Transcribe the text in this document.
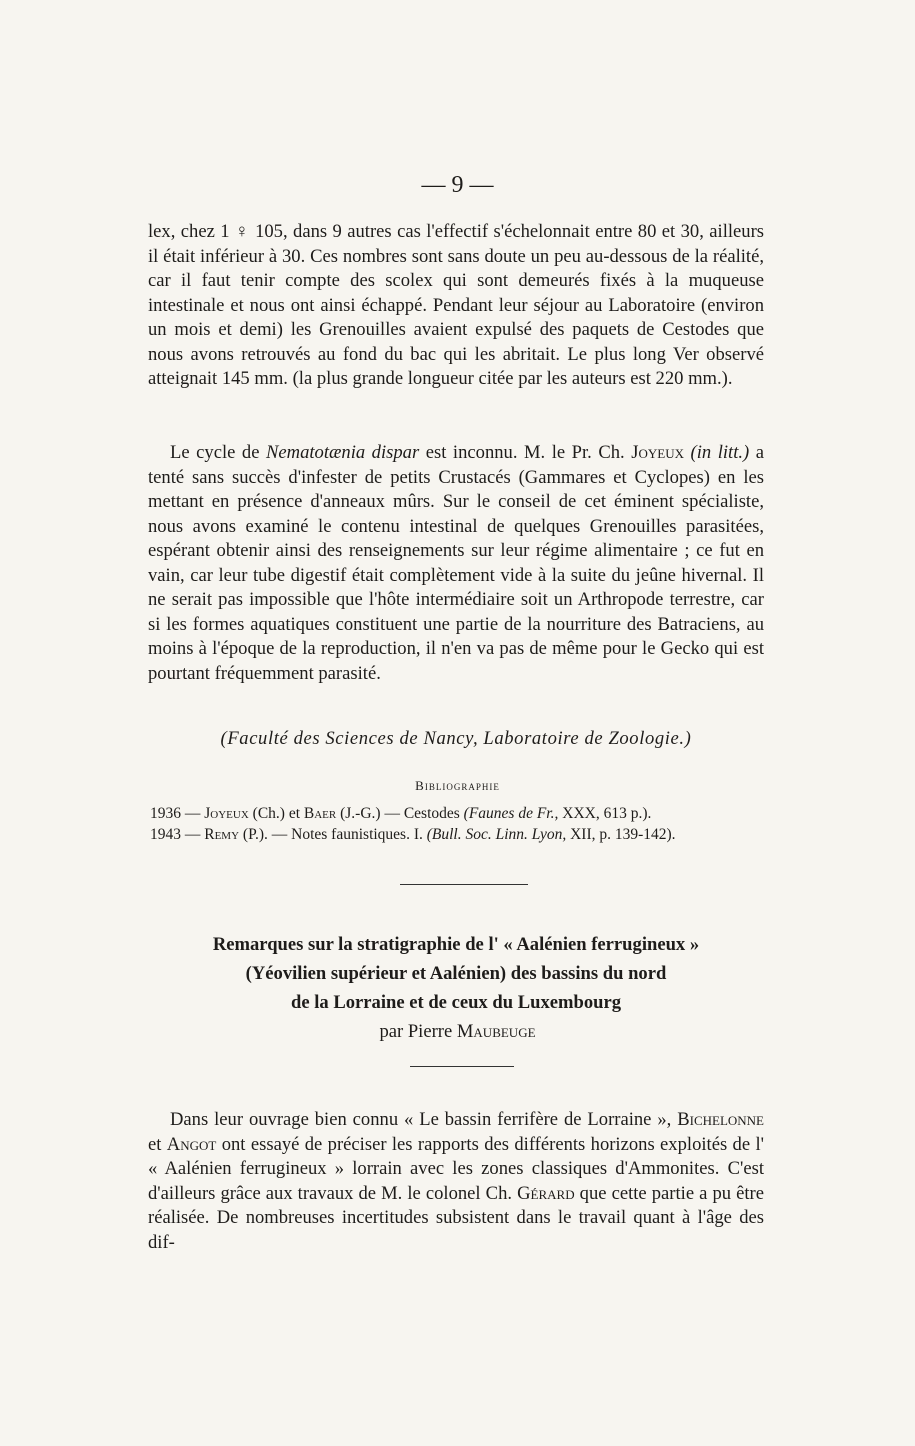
— 9 —

lex, chez 1 ♀ 105, dans 9 autres cas l'effectif s'échelonnait entre 80 et 30, ailleurs il était inférieur à 30. Ces nombres sont sans doute un peu au-dessous de la réalité, car il faut tenir compte des scolex qui sont demeurés fixés à la muqueuse intestinale et nous ont ainsi échappé. Pendant leur séjour au Laboratoire (environ un mois et demi) les Grenouilles avaient expulsé des paquets de Cestodes que nous avons retrouvés au fond du bac qui les abritait. Le plus long Ver observé atteignait 145 mm. (la plus grande longueur citée par les auteurs est 220 mm.).

Le cycle de Nematotænia dispar est inconnu. M. le Pr. Ch. Joyeux (in litt.) a tenté sans succès d'infester de petits Crustacés (Gammares et Cyclopes) en les mettant en présence d'anneaux mûrs. Sur le conseil de cet éminent spécialiste, nous avons examiné le contenu intestinal de quelques Grenouilles parasitées, espérant obtenir ainsi des renseignements sur leur régime alimentaire ; ce fut en vain, car leur tube digestif était complètement vide à la suite du jeûne hivernal. Il ne serait pas impossible que l'hôte intermédiaire soit un Arthropode terrestre, car si les formes aquatiques constituent une partie de la nourriture des Batraciens, au moins à l'époque de la reproduction, il n'en va pas de même pour le Gecko qui est pourtant fréquemment parasité.

(Faculté des Sciences de Nancy, Laboratoire de Zoologie.)
Bibliographie

1936 — Joyeux (Ch.) et Baer (J.-G.) — Cestodes (Faunes de Fr., XXX, 613 p.).

1943 — Remy (P.). — Notes faunistiques. I. (Bull. Soc. Linn. Lyon, XII, p. 139-142).

Remarques sur la stratigraphie de l' « Aalénien ferrugineux »
(Yéovilien supérieur et Aalénien) des bassins du nord
de la Lorraine et de ceux du Luxembourg
par Pierre Maubeuge

Dans leur ouvrage bien connu « Le bassin ferrifère de Lorraine », Bichelonne et Angot ont essayé de préciser les rapports des différents horizons exploités de l' « Aalénien ferrugineux » lorrain avec les zones classiques d'Ammonites. C'est d'ailleurs grâce aux travaux de M. le colonel Ch. Gérard que cette partie a pu être réalisée. De nombreuses incertitudes subsistent dans le travail quant à l'âge des dif-
